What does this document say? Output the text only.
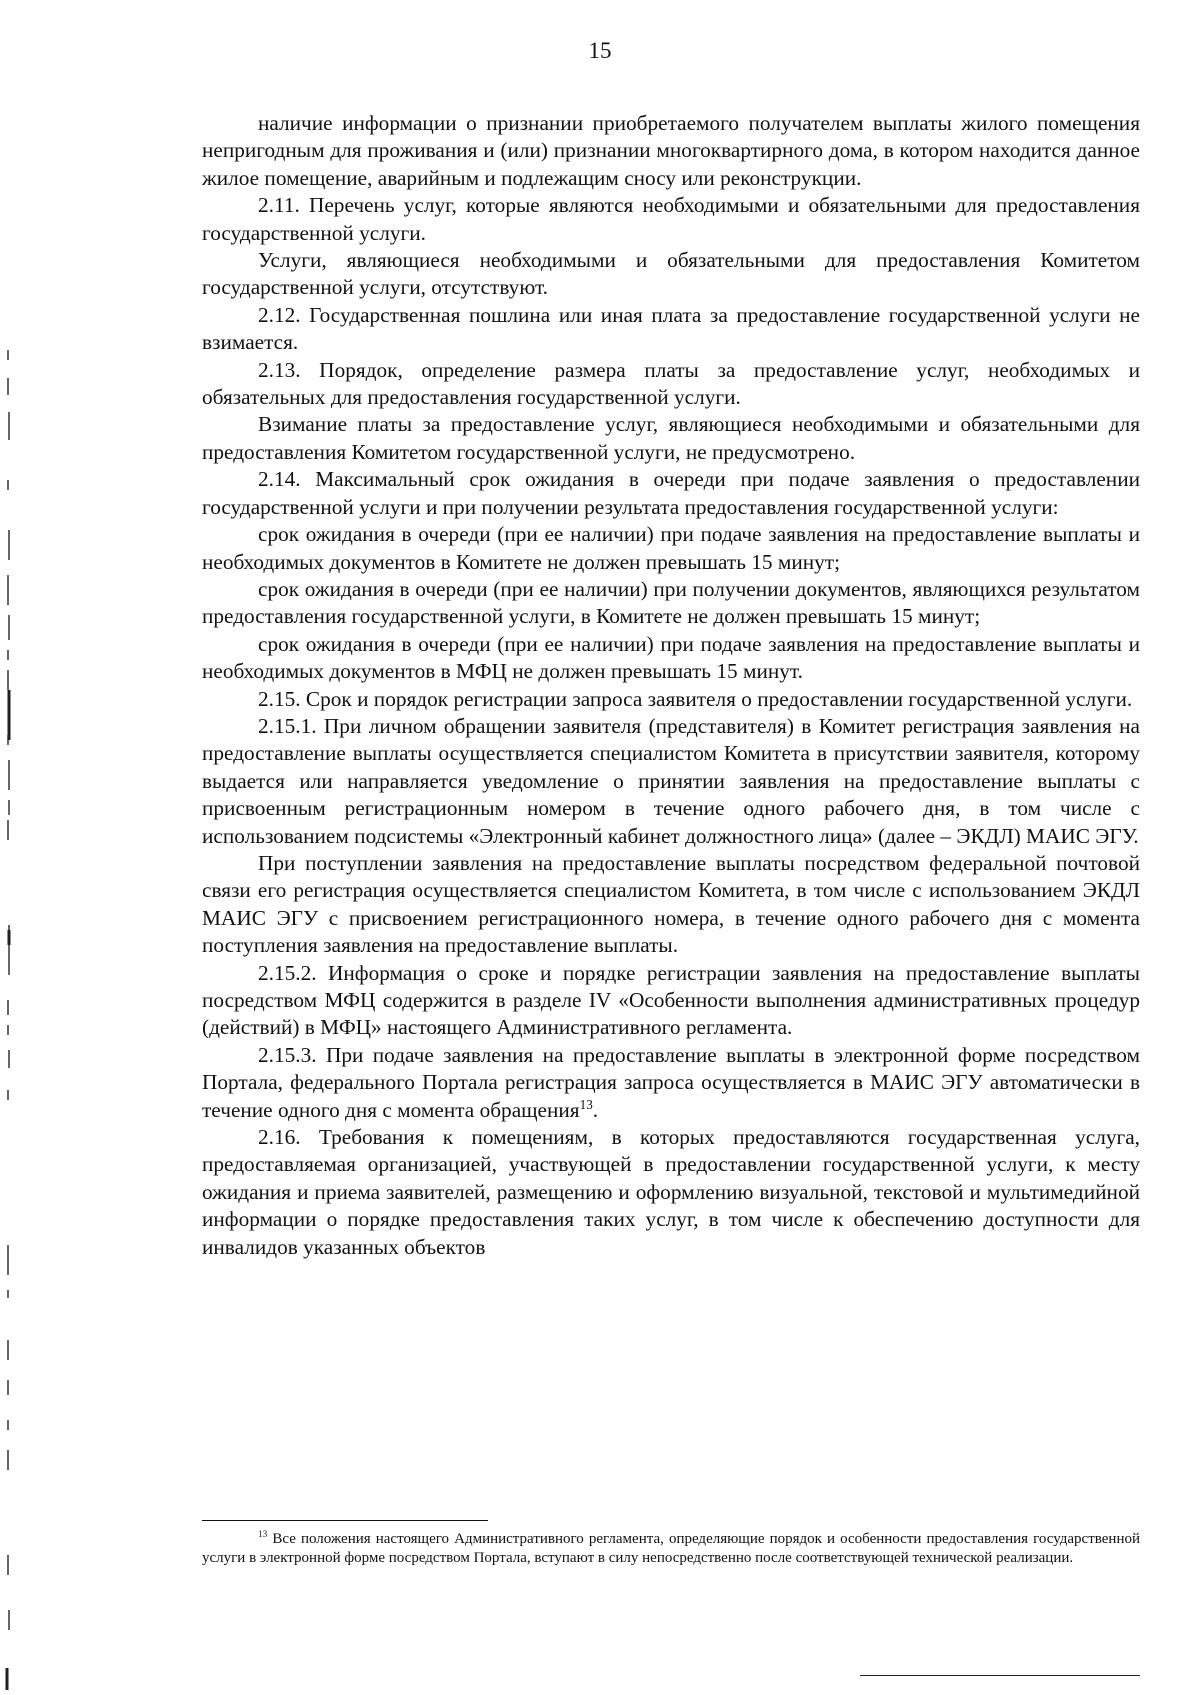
15

наличие информации о признании приобретаемого получателем выплаты жилого помещения непригодным для проживания и (или) признании многоквартирного дома, в котором находится данное жилое помещение, аварийным и подлежащим сносу или реконструкции.

2.11. Перечень услуг, которые являются необходимыми и обязательными для предоставления государственной услуги.

Услуги, являющиеся необходимыми и обязательными для предоставления Комитетом государственной услуги, отсутствуют.

2.12. Государственная пошлина или иная плата за предоставление государственной услуги не взимается.

2.13. Порядок, определение размера платы за предоставление услуг, необходимых и обязательных для предоставления государственной услуги.

Взимание платы за предоставление услуг, являющиеся необходимыми и обязательными для предоставления Комитетом государственной услуги, не предусмотрено.

2.14. Максимальный срок ожидания в очереди при подаче заявления о предоставлении государственной услуги и при получении результата предоставления государственной услуги:

срок ожидания в очереди (при ее наличии) при подаче заявления на предоставление выплаты и необходимых документов в Комитете не должен превышать 15 минут;

срок ожидания в очереди (при ее наличии) при получении документов, являющихся результатом предоставления государственной услуги, в Комитете не должен превышать 15 минут;

срок ожидания в очереди (при ее наличии) при подаче заявления на предоставление выплаты и необходимых документов в МФЦ не должен превышать 15 минут.

2.15. Срок и порядок регистрации запроса заявителя о предоставлении государственной услуги.

2.15.1. При личном обращении заявителя (представителя) в Комитет регистрация заявления на предоставление выплаты осуществляется специалистом Комитета в присутствии заявителя, которому выдается или направляется уведомление о принятии заявления на предоставление выплаты с присвоенным регистрационным номером в течение одного рабочего дня, в том числе с использованием подсистемы «Электронный кабинет должностного лица» (далее – ЭКДЛ) МАИС ЭГУ.

При поступлении заявления на предоставление выплаты посредством федеральной почтовой связи его регистрация осуществляется специалистом Комитета, в том числе с использованием ЭКДЛ МАИС ЭГУ с присвоением регистрационного номера, в течение одного рабочего дня с момента поступления заявления на предоставление выплаты.

2.15.2. Информация о сроке и порядке регистрации заявления на предоставление выплаты посредством МФЦ содержится в разделе IV «Особенности выполнения административных процедур (действий) в МФЦ» настоящего Административного регламента.

2.15.3. При подаче заявления на предоставление выплаты в электронной форме посредством Портала, федерального Портала регистрация запроса осуществляется в МАИС ЭГУ автоматически в течение одного дня с момента обращения$^{13}$.

2.16. Требования к помещениям, в которых предоставляются государственная услуга, предоставляемая организацией, участвующей в предоставлении государственной услуги, к месту ожидания и приема заявителей, размещению и оформлению визуальной, текстовой и мультимедийной информации о порядке предоставления таких услуг, в том числе к обеспечению доступности для инвалидов указанных объектов

$^{13}$ Все положения настоящего Административного регламента, определяющие порядок и особенности предоставления государственной услуги в электронной форме посредством Портала, вступают в силу непосредственно после соответствующей технической реализации.
